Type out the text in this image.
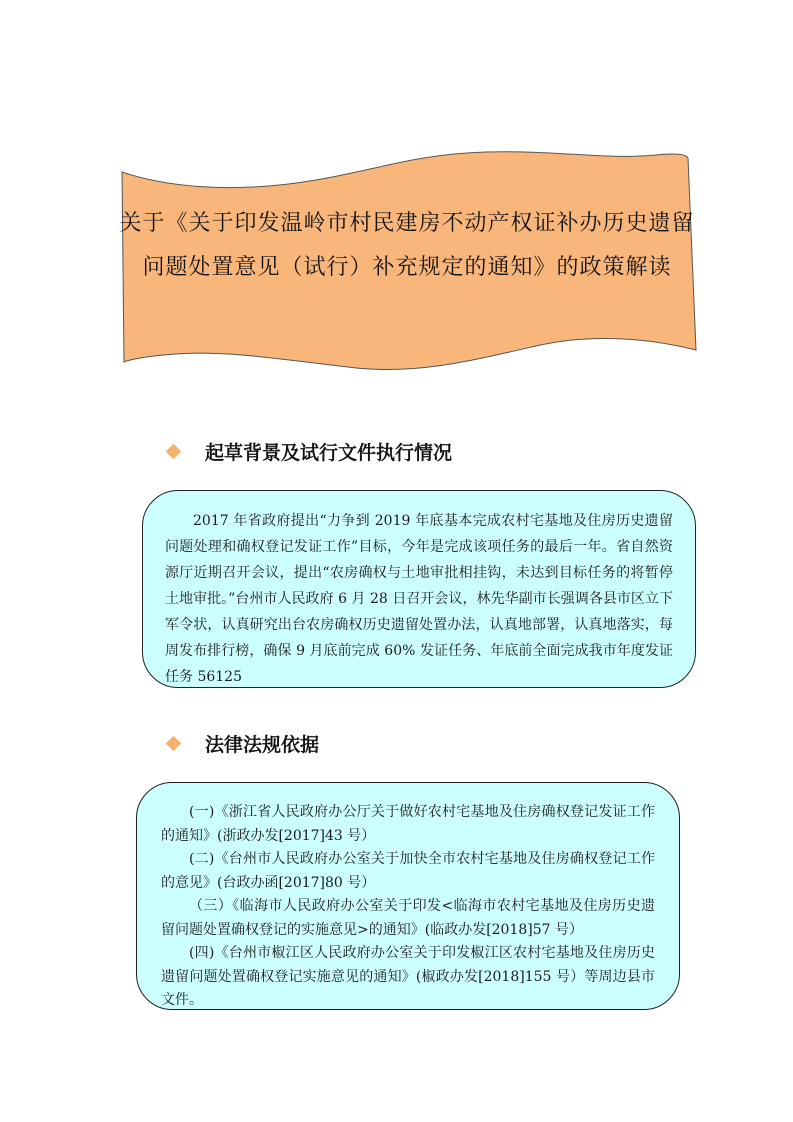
关于《关于印发温岭市村民建房不动产权证补办历史遗留
问题处置意见（试行）补充规定的通知》的政策解读
起草背景及试行文件执行情况

2017 年省政府提出“力争到 2019 年底基本完成农村宅基地及住房历史遗留问题处理和确权登记发证工作”目标，今年是完成该项任务的最后一年。省自然资源厅近期召开会议，提出“农房确权与土地审批相挂钩，未达到目标任务的将暂停土地审批。”台州市人民政府 6 月 28 日召开会议，林先华副市长强调各县市区立下军令状，认真研究出台农房确权历史遗留处置办法，认真地部署，认真地落实，每周发布排行榜，确保 9 月底前完成 60% 发证任务、年底前全面完成我市年度发证任务 56125

法律法规依据

(一)《浙江省人民政府办公厅关于做好农村宅基地及住房确权登记发证工作的通知》(浙政办发[2017]43 号）

(二)《台州市人民政府办公室关于加快全市农村宅基地及住房确权登记工作的意见》(台政办函[2017]80 号）

（三）《临海市人民政府办公室关于印发<临海市农村宅基地及住房历史遗留问题处置确权登记的实施意见>的通知》(临政办发[2018]57 号）

(四)《台州市椒江区人民政府办公室关于印发椒江区农村宅基地及住房历史遗留问题处置确权登记实施意见的通知》(椒政办发[2018]155 号）等周边县市文件。
